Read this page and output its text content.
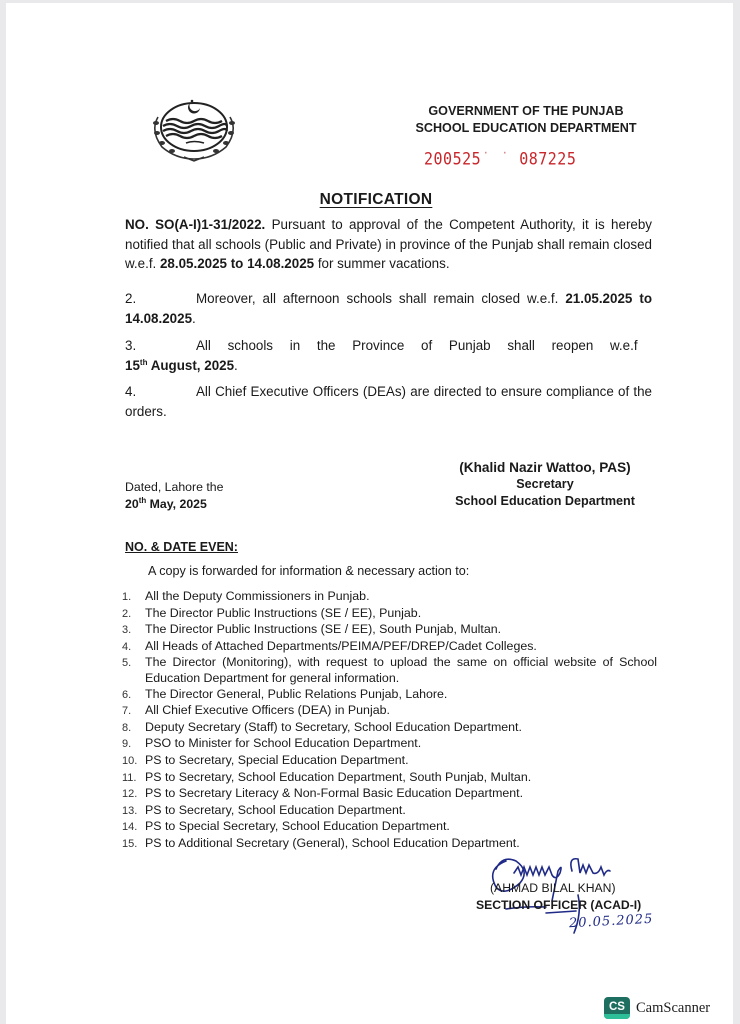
GOVERNMENT OF THE PUNJAB
SCHOOL EDUCATION DEPARTMENT
200525˙ ˙ 087225
NOTIFICATION
NO. SO(A-I)1-31/2022. Pursuant to approval of the Competent Authority, it is hereby notified that all schools (Public and Private) in province of the Punjab shall remain closed w.e.f. 28.05.2025 to 14.08.2025 for summer vacations.
2.	Moreover, all afternoon schools shall remain closed w.e.f. 21.05.2025 to 14.08.2025.
3.	All schools in the Province of Punjab shall reopen w.e.f
15th August, 2025.
4.	All Chief Executive Officers (DEAs) are directed to ensure compliance of the orders.
Dated, Lahore the
20th May, 2025
(Khalid Nazir Wattoo, PAS)
Secretary
School Education Department
NO. & DATE EVEN:
A copy is forwarded for information & necessary action to:
1.	All the Deputy Commissioners in Punjab.
2.	The Director Public Instructions (SE / EE), Punjab.
3.	The Director Public Instructions (SE / EE), South Punjab, Multan.
4.	All Heads of Attached Departments/PEIMA/PEF/DREP/Cadet Colleges.
5.	The Director (Monitoring), with request to upload the same on official website of School Education Department for general information.
6.	The Director General, Public Relations Punjab, Lahore.
7.	All Chief Executive Officers (DEA) in Punjab.
8.	Deputy Secretary (Staff) to Secretary, School Education Department.
9.	PSO to Minister for School Education Department.
10. PS to Secretary, Special Education Department.
11. PS to Secretary, School Education Department, South Punjab, Multan.
12. PS to Secretary Literacy & Non-Formal Basic Education Department.
13. PS to Secretary, School Education Department.
14. PS to Special Secretary, School Education Department.
15. PS to Additional Secretary (General), School Education Department.
(AHMAD BILAL KHAN)
SECTION OFFICER (ACAD-I)
20.05.2025
CS CamScanner
